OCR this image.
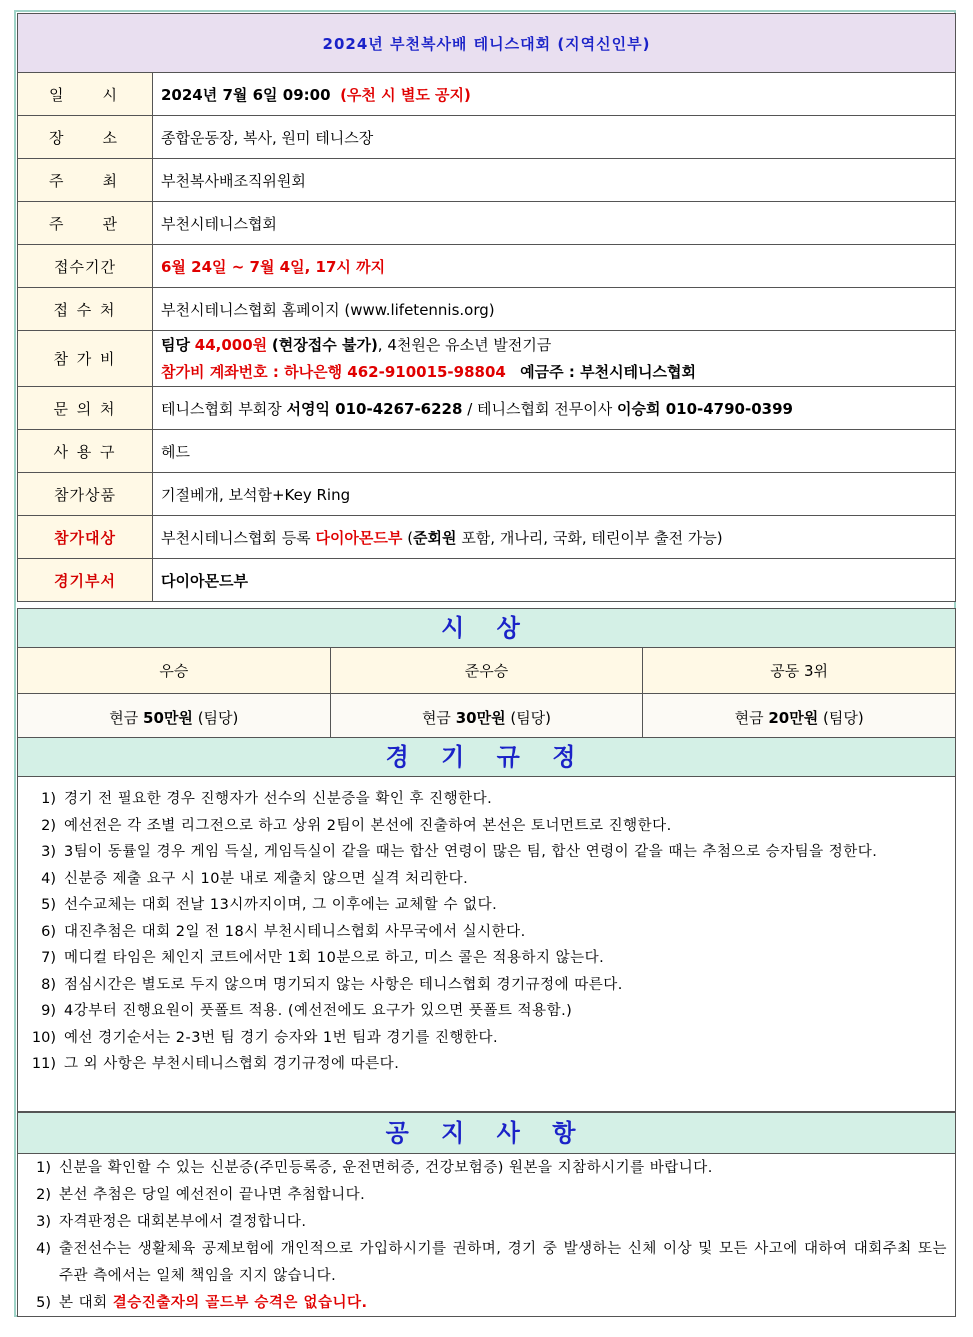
2024년 부천복사배 테니스대회 (지역신인부)	
일    시	2024년 7월 6일 09:00 (우천 시 별도 공지)
장    소	종합운동장, 복사, 원미 테니스장
주    최	부천복사배조직위원회
주    관	부천시테니스협회
접수기간	6월 24일 ~ 7월 4일, 17시 까지
접 수 처	부천시테니스협회 홈페이지 (www.lifetennis.org)
참 가 비	팀당 44,000원 (현장접수 불가), 4천원은 유소년 발전기금
참가비 계좌번호 : 하나은행 462-910015-98804 예금주 : 부천시테니스협회

문 의 처	테니스협회 부회장 서영익 010-4267-6228 / 테니스협회 전무이사 이승희 010-4790-0399
사 용 구	헤드
참가상품	기절베개, 보석함+Key Ring
참가대상	부천시테니스협회 등록 다이아몬드부 (준회원 포함, 개나리, 국화, 테린이부 출전 가능)
경기부서	다이아몬드부
시 상
우승	준우승	공동 3위
현금 50만원 (팀당)	현금 30만원 (팀당)	현금 20만원 (팀당)
경 기 규 정
1) 경기 전 필요한 경우 진행자가 선수의 신분증을 확인 후 진행한다.
2) 예선전은 각 조별 리그전으로 하고 상위 2팀이 본선에 진출하여 본선은 토너먼트로 진행한다.
3) 3팀이 동률일 경우 게임 득실, 게임득실이 같을 때는 합산 연령이 많은 팀, 합산 연령이 같을 때는 추첨으로 승자팀을 정한다.
4) 신분증 제출 요구 시 10분 내로 제출치 않으면 실격 처리한다.
5) 선수교체는 대회 전날 13시까지이며, 그 이후에는 교체할 수 없다.
6) 대진추첨은 대회 2일 전 18시 부천시테니스협회 사무국에서 실시한다.
7) 메디컬 타임은 체인지 코트에서만 1회 10분으로 하고, 미스 콜은 적용하지 않는다.
8) 점심시간은 별도로 두지 않으며 명기되지 않는 사항은 테니스협회 경기규정에 따른다.
9) 4강부터 진행요원이 풋폴트 적용. (예선전에도 요구가 있으면 풋폴트 적용함.)
10) 예선 경기순서는 2-3번 팀 경기 승자와 1번 팀과 경기를 진행한다.
11) 그 외 사항은 부천시테니스협회 경기규정에 따른다.
공 지 사 항
1) 신분을 확인할 수 있는 신분증(주민등록증, 운전면허증, 건강보험증) 원본을 지참하시기를 바랍니다.
2) 본선 추첨은 당일 예선전이 끝나면 추첨합니다.
3) 자격판정은 대회본부에서 결정합니다.
4) 출전선수는 생활체육 공제보험에 개인적으로 가입하시기를 권하며, 경기 중 발생하는 신체 이상 및 모든 사고에 대하여 대회주최 또는 주관 측에서는 일체 책임을 지지 않습니다.
5) 본 대회 결승진출자의 골드부 승격은 없습니다.
